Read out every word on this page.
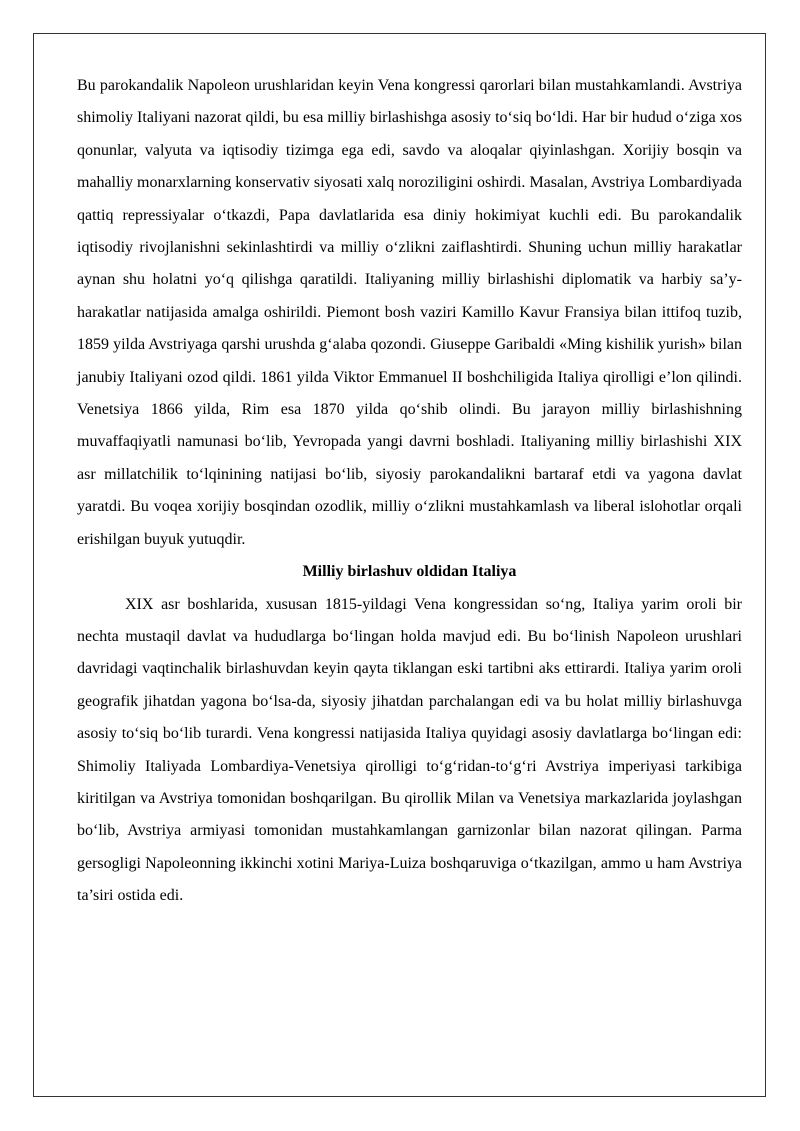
Bu parokandalik Napoleon urushlaridan keyin Vena kongressi qarorlari bilan mustahkamlandi. Avstriya shimoliy Italiyani nazorat qildi, bu esa milliy birlashishga asosiy to‘siq bo‘ldi. Har bir hudud o‘ziga xos qonunlar, valyuta va iqtisodiy tizimga ega edi, savdo va aloqalar qiyinlashgan. Xorijiy bosqin va mahalliy monarxlarning konservativ siyosati xalq noroziligini oshirdi. Masalan, Avstriya Lombardiyada qattiq repressiyalar o‘tkazdi, Papa davlatlarida esa diniy hokimiyat kuchli edi. Bu parokandalik iqtisodiy rivojlanishni sekinlashtirdi va milliy o‘zlikni zaiflashtirdi. Shuning uchun milliy harakatlar aynan shu holatni yo‘q qilishga qaratildi. Italiyaning milliy birlashishi diplomatik va harbiy sa’y-harakatlar natijasida amalga oshirildi. Piemont bosh vaziri Kamillo Kavur Fransiya bilan ittifoq tuzib, 1859 yilda Avstriyaga qarshi urushda g‘alaba qozondi. Giuseppe Garibaldi «Ming kishilik yurish» bilan janubiy Italiyani ozod qildi. 1861 yilda Viktor Emmanuel II boshchiligida Italiya qirolligi e’lon qilindi. Venetsiya 1866 yilda, Rim esa 1870 yilda qo‘shib olindi. Bu jarayon milliy birlashishning muvaffaqiyatli namunasi bo‘lib, Yevropada yangi davrni boshladi. Italiyaning milliy birlashishi XIX asr millatchilik to‘lqinining natijasi bo‘lib, siyosiy parokandalikni bartaraf etdi va yagona davlat yaratdi. Bu voqea xorijiy bosqindan ozodlik, milliy o‘zlikni mustahkamlash va liberal islohotlar orqali erishilgan buyuk yutuqdir.

Milliy birlashuv oldidan Italiya

XIX asr boshlarida, xususan 1815-yildagi Vena kongressidan so‘ng, Italiya yarim oroli bir nechta mustaqil davlat va hududlarga bo‘lingan holda mavjud edi. Bu bo‘linish Napoleon urushlari davridagi vaqtinchalik birlashuvdan keyin qayta tiklangan eski tartibni aks ettirardi. Italiya yarim oroli geografik jihatdan yagona bo‘lsa-da, siyosiy jihatdan parchalangan edi va bu holat milliy birlashuvga asosiy to‘siq bo‘lib turardi. Vena kongressi natijasida Italiya quyidagi asosiy davlatlarga bo‘lingan edi: Shimoliy Italiyada Lombardiya-Venetsiya qirolligi to‘g‘ridan-to‘g‘ri Avstriya imperiyasi tarkibiga kiritilgan va Avstriya tomonidan boshqarilgan. Bu qirollik Milan va Venetsiya markazlarida joylashgan bo‘lib, Avstriya armiyasi tomonidan mustahkamlangan garnizonlar bilan nazorat qilingan. Parma gersogligi Napoleonning ikkinchi xotini Mariya-Luiza boshqaruviga o‘tkazilgan, ammo u ham Avstriya ta’siri ostida edi.
